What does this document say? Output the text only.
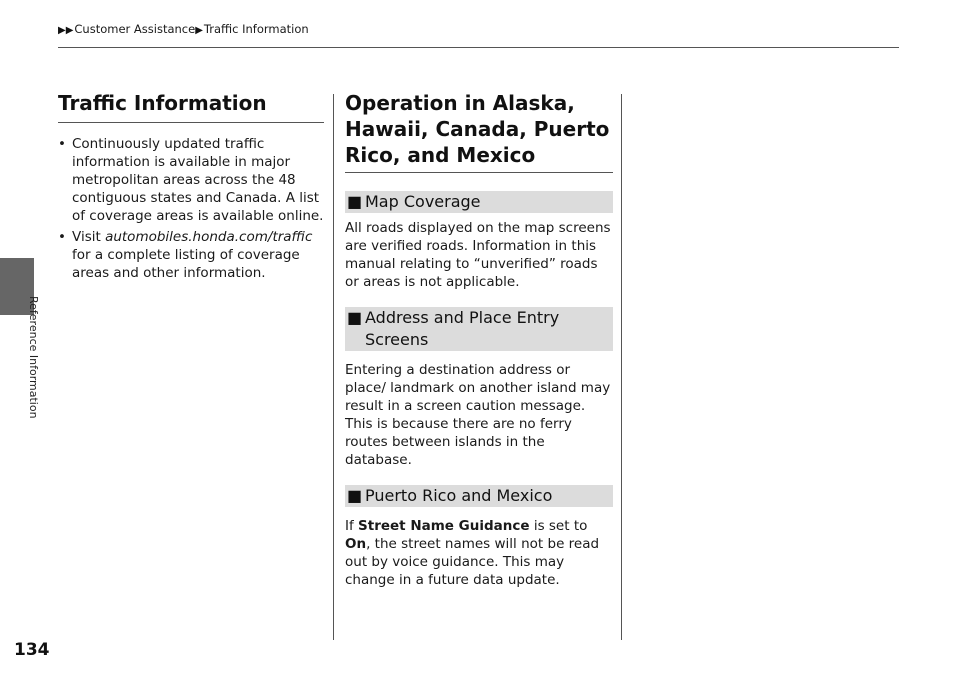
▶▶Customer Assistance▶Traffic Information
Reference Information
134
Traffic Information
• Continuously updated traffic information is available in major metropolitan areas across the 48 contiguous states and Canada. A list of coverage areas is available online.
• Visit automobiles.honda.com/traffic for a complete listing of coverage areas and other information.
Operation in Alaska, Hawaii, Canada, Puerto Rico, and Mexico
■ Map Coverage

All roads displayed on the map screens are verified roads. Information in this manual relating to “unverified” roads or areas is not applicable.

■ Address and Place Entry Screens

Entering a destination address or place/ landmark on another island may result in a screen caution message. This is because there are no ferry routes between islands in the database.

■ Puerto Rico and Mexico

If Street Name Guidance is set to On, the street names will not be read out by voice guidance. This may change in a future data update.
